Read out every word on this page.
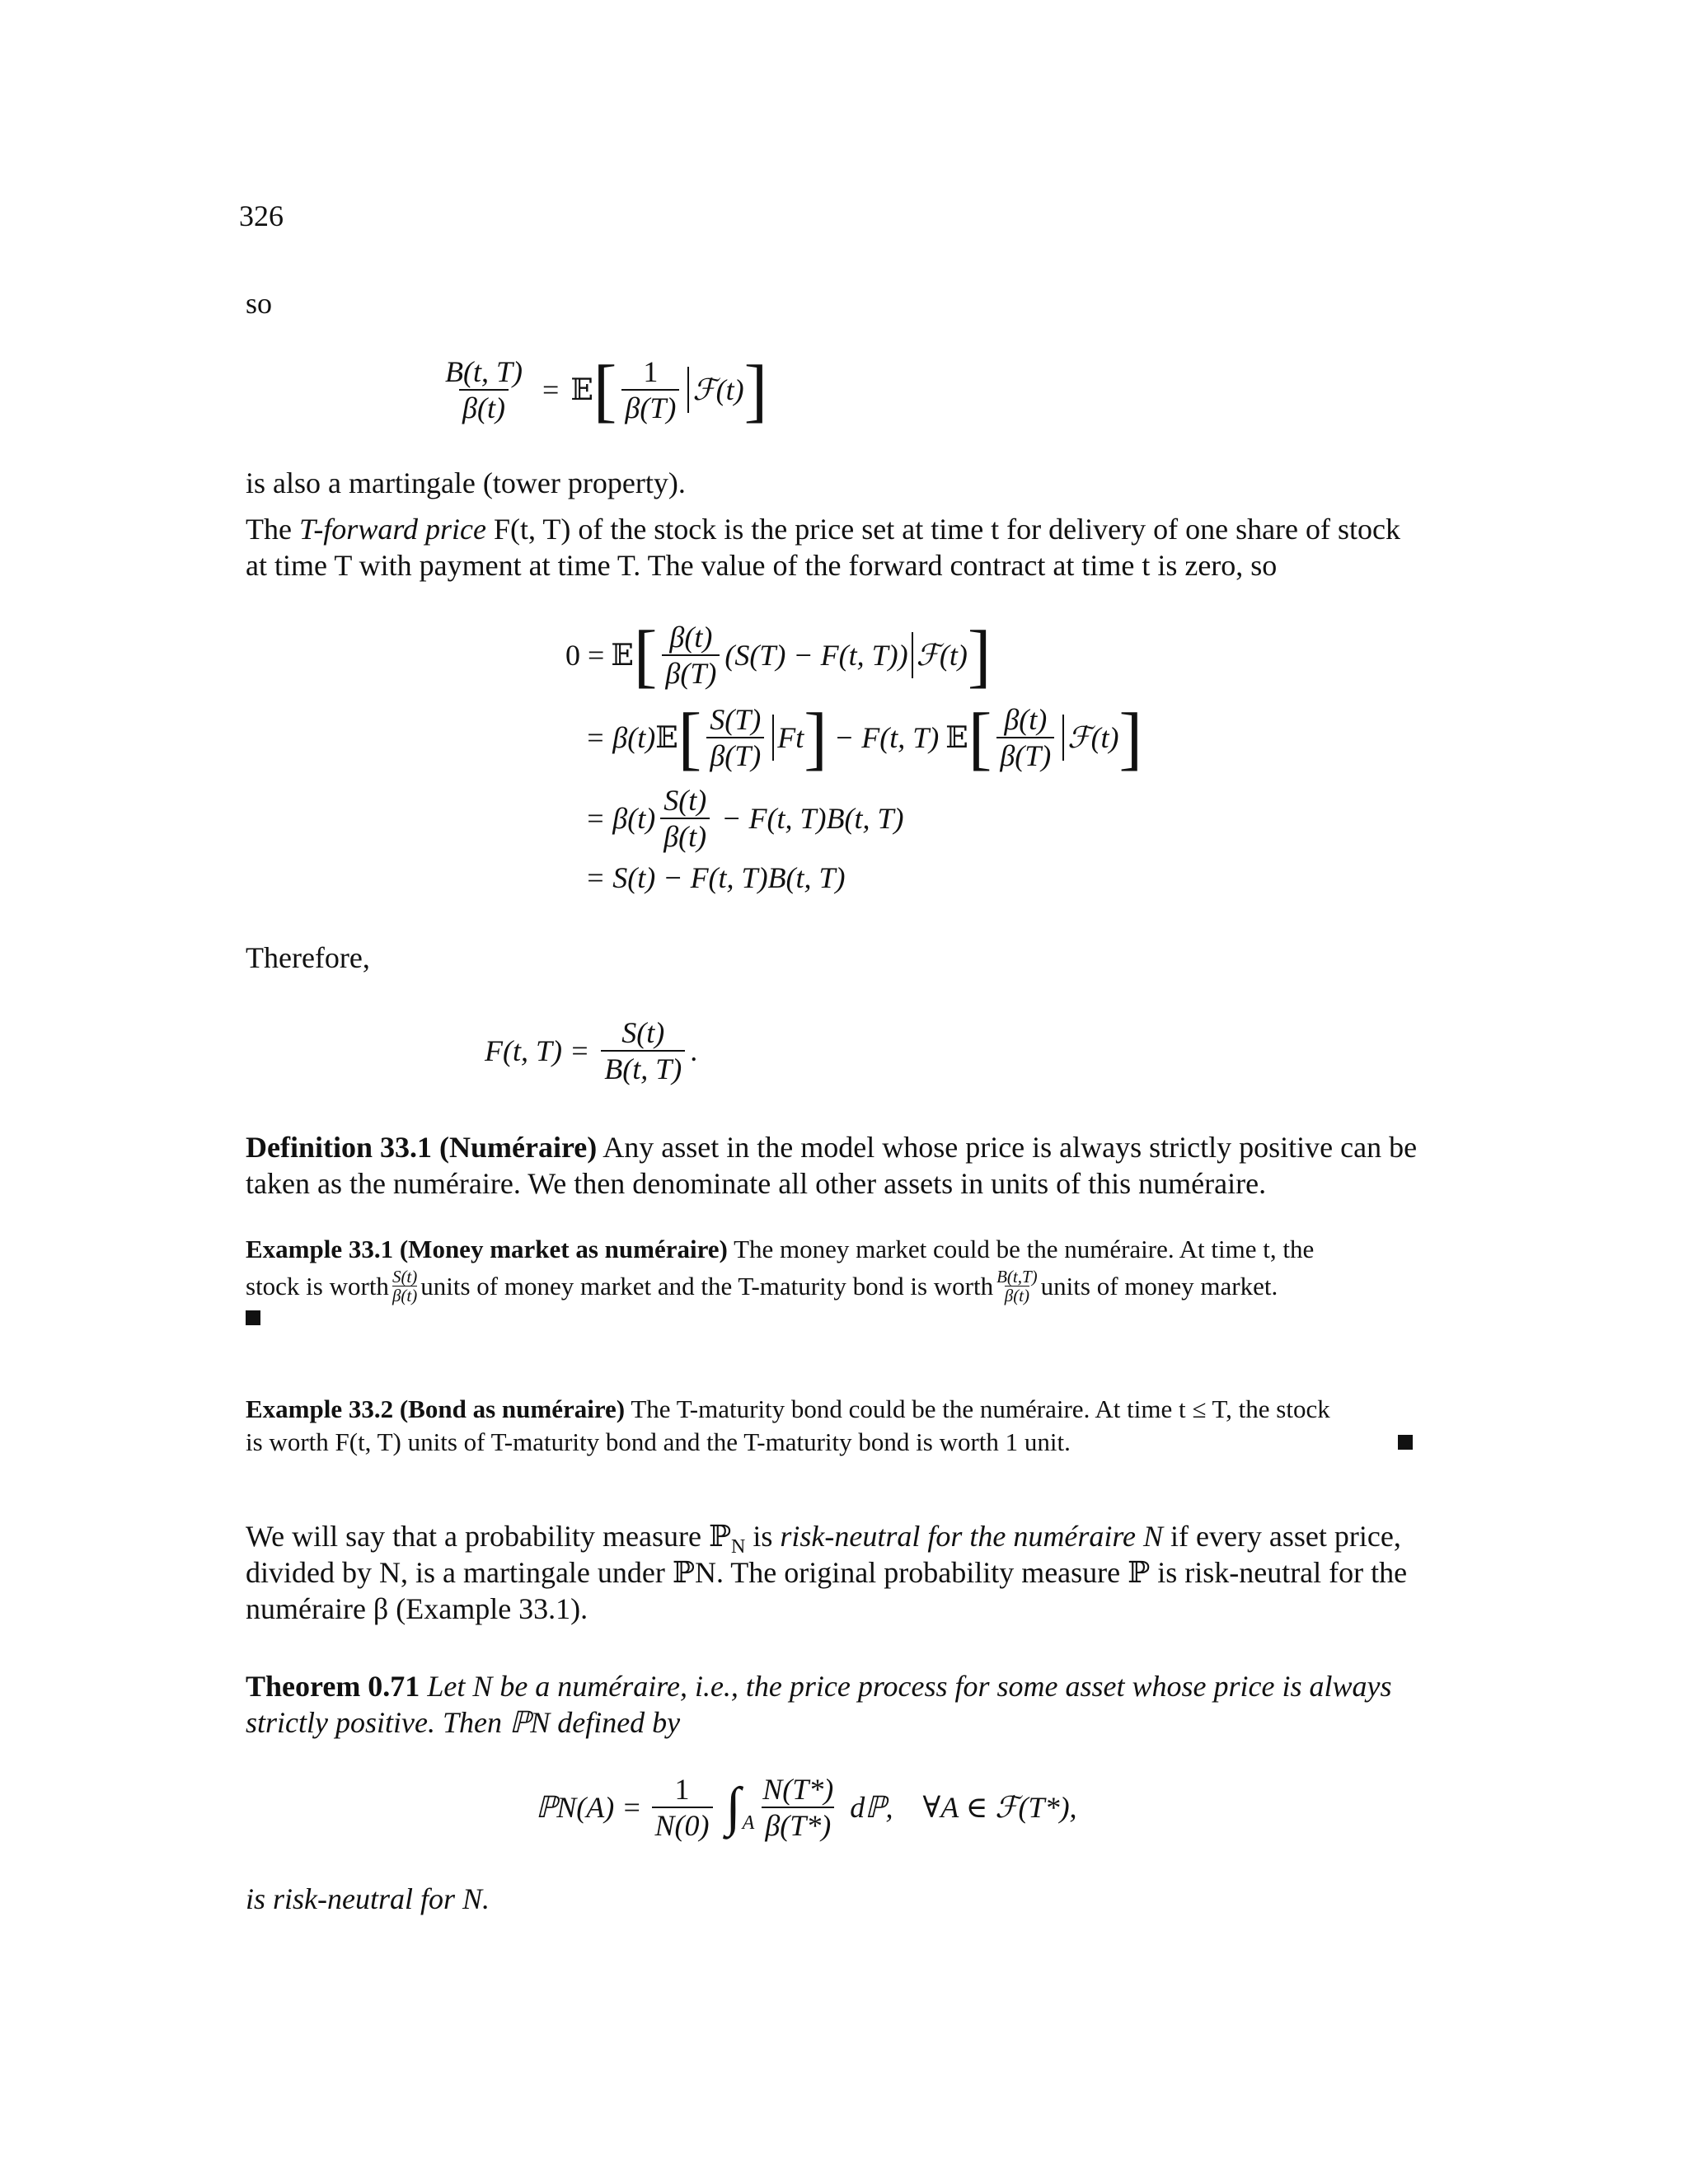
326
so
$\frac{B(t, T)}{\beta(t)}$ = 𝔼 [ $\frac{1}{\beta(T)}$ ℱ(t) ]
is also a martingale (tower property).
The T-forward price F(t, T) of the stock is the price set at time t for delivery of one share of stock
at time T with payment at time T. The value of the forward contract at time t is zero, so
0 = 𝔼 [ $\frac{\beta(t)}{\beta(T)} (S(T) - F(t$, T)) ℱ(t) ]
= β(t) 𝔼 [ $\frac{S(T)}{\beta(T)}$ Ft ] − F(t, T) 𝔼 [ $\frac{\beta(t)}{\beta(T)}$ ℱ(t) ]
= $\beta(t) \frac{S(t)}{\beta(t)} - F(t$, T)B(t, T)
= S(t) − F(t, T)B(t, T)
Therefore,
F(t, $T) = \frac{S(t)}{B(t, T)}$ .
Definition 33.1 (Numéraire) Any asset in the model whose price is always strictly positive can be
taken as the numéraire. We then denominate all other assets in units of this numéraire.
Example 33.1 (Money market as numéraire) The money market could be the numéraire. At time t, the
stock is worth S(t)
β(t) units of money market and the T-maturity bond is worth B(t,T)
β(t) units of money market.
Example 33.2 (Bond as numéraire) The T-maturity bond could be the numéraire. At time t ≤ T, the stock
is worth F(t, T) units of T-maturity bond and the T-maturity bond is worth 1 unit.
We will say that a probability measure ℙ$_N$ is risk-neutral for the numéraire N if every asset price,
divided by N, is a martingale under ℙN. The original probability measure ℙ is risk-neutral for the
numéraire β (Example 33.1).
Theorem 0.71 Let N be a numéraire, i.e., the price process for some asset whose price is always
strictly positive. Then ℙN defined by
ℙN(A) = $\frac{1}{N(0)}$ ∫ A $\frac{N(T*)}{\beta(T*)}$ dℙ,    ∀A ∈ ℱ(T*),
is risk-neutral for N.
